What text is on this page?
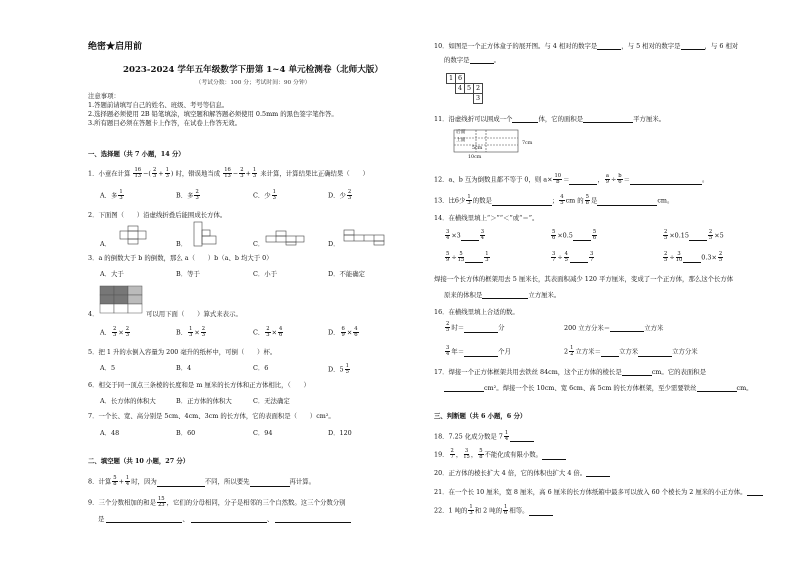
绝密★启用前
2023-2024 学年五年级数学下册第 1~4 单元检测卷（北师大版）
（考试分数：100 分；考试时间：90 分钟）
注意事项：
1.答题前请填写自己的姓名、班级、考号等信息。
2.选择题必须使用 2B 铅笔填涂，填空题和解答题必须使用 0.5mm 的黑色签字笔作答。
3.所有题目必须在答题卡上作答，在试卷上作答无效。
一、选择题（共 7 小题，14 分）
1．小童在计算 $\frac{16}{13}$ −( $\frac{2}{3} + \frac{1}{3}$ ) 时，错误地当成 $\frac{16}{13} - \frac{2}{3} + \frac{1}{3}$ 来计算，计算结果比正确结果（　　）
A．多 $\frac{1}{3}$	B．多 $\frac{2}{3}$	C．少 $\frac{1}{3}$	D．少 $\frac{2}{3}$
2．下面图（　　）沿虚线折叠后能围成长方体。
A．	B．	C．	D．
3．a 的倒数大于 b 的倒数，那么 a（　　）b（a、b 均大于 0）
A．大于	B．等于	C．小于	D．不能确定
4．	可以用下面（　　）算式来表示。
A． $\frac{2}{3} \times \frac{2}{3}$	B． $\frac{1}{3} \times \frac{2}{3}$	C． $\frac{2}{3} \times \frac{4}{6}$	D． $\frac{6}{9} \times \frac{4}{6}$
5．把 1 升的水倒入容量为 200 毫升的纸杯中，可倒（　　）杯。
A．5	B．4	C．6	D．$5 \frac{1}{5}$
6．相交于同一顶点三条棱的长度和是 m 厘米的长方体和正方体相比，（　　）
A．长方体的体积大	B．正方体的体积大	C．无法确定
7．一个长、宽、高分别是 5cm、4cm、3cm 的长方体，它的表面积是（　　）cm²。
A．48	B．60	C．94	D．120
二、填空题（共 10 小题，27 分）
8．计算 $\frac{5}{8} + \frac{1}{4}$ 时，因为	不同，所以要先	再计算。
9．三个分数相加的和是 $\frac{15}{23}$ ，它们的分母相同，分子是相邻的三个自然数。这三个分数分别
是	、	、
10．如图是一个正方体盒子的展开图。与 4 相对的数字是	，与 5 相对的数字是	，与 6 相对
的数字是	。
1 6
4 5 2
3
11．沿虚线折可以围成一个	体，它的面积是	平方厘米。
后面
上面
5cm
7cm
10cm
12．a、b 互为倒数且都不等于 0，则 $a\times \frac{10}{b}$ ＝	， $\frac{a}{9} \div \frac{b}{6}$ ＝	。
13．比6少 $\frac{1}{3}$ 的数是	； $\frac{4}{5}$ cm 的 $\frac{5}{8}$ 是	cm。
14．在横线里填上“＞”“＜”或“＝”。
$\frac{3}{4} \times 3$	$\frac{3}{4}$	$\frac{5}{6} \times 0.5$	$\frac{5}{6}$	$\frac{2}{5} \times 0.15$	$\frac{2}{5} \times 5$
$\frac{5}{9} \div \frac{5}{15}$	$\frac{1}{3}$	$\frac{3}{7} \div \frac{4}{5}$	$\frac{3}{7}$	$\frac{2}{5} \div \frac{3}{10}$	$0.3\times \frac{2}{5}$
焊接一个长方体的框架用去 5 厘米长，其表面积减少 120 平方厘米，变成了一个正方体，那么这个长方体
原来的体积是	立方厘米。
16．在横线里填上合适的数。
$\frac{2}{5}$ 时＝	分	200 立方分米＝	立方米
$\frac{3}{4}$ 年＝	个月	$2 \frac{1}{2}$ 立方米＝	立方米	立方分米
17．焊接一个正方体框架共用去铁丝 84cm，这个正方体的棱长是	cm。它的表面积是
cm²。焊接一个长 10cm、宽 6cm、高 5cm 的长方体框架，至少需要铁丝	cm。
三、判断题（共 6 小题，6 分）
18．7.25 化成分数是 $7 \frac{1}{4}$
19． $\frac{2}{7}$ ， $\frac{3}{15}$ ， $\frac{5}{8}$ 不能化成有限小数。
20．正方体的棱长扩大 4 倍，它的体积也扩大 4 倍。
21．在一个长 10 厘米，宽 8 厘米，高 6 厘米的长方体纸箱中最多可以放入 60 个棱长为 2 厘米的小正方体。
22．1 吨的 $\frac{1}{3}$ 和 2 吨的 $\frac{1}{6}$ 相等。
